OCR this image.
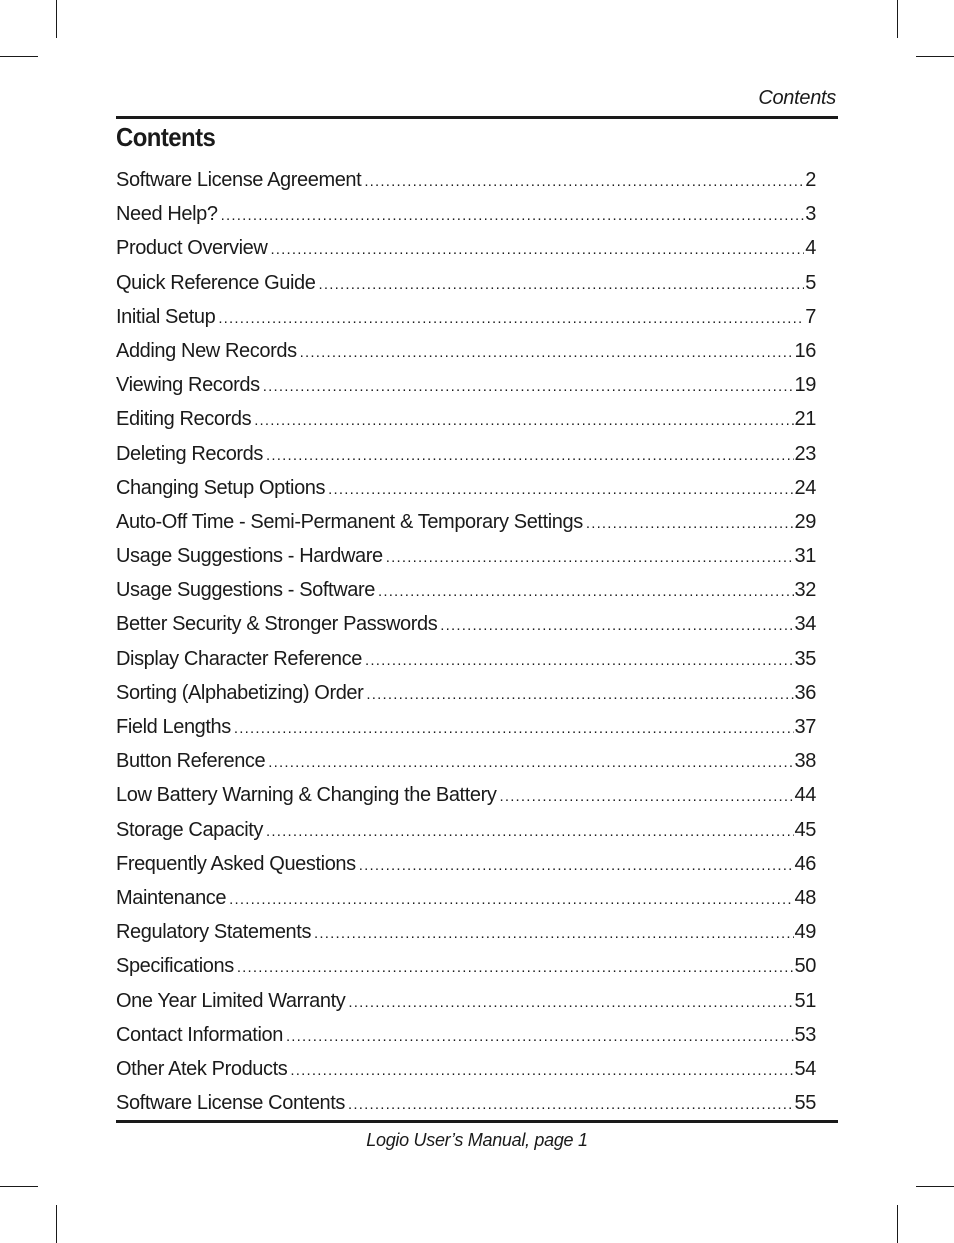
Contents
Contents
Software License Agreement .....	2
Need Help? .....	3
Product Overview .....	4
Quick Reference Guide .....	5
Initial Setup .....	7
Adding New Records .....	16
Viewing Records .....	19
Editing Records .....	21
Deleting Records .....	23
Changing Setup Options .....	24
Auto-Off Time - Semi-Permanent & Temporary Settings .....	29
Usage Suggestions - Hardware .....	31
Usage Suggestions - Software .....	32
Better Security & Stronger Passwords .....	34
Display Character Reference .....	35
Sorting (Alphabetizing) Order .....	36
Field Lengths .....	37
Button Reference .....	38
Low Battery Warning & Changing the Battery .....	44
Storage Capacity .....	45
Frequently Asked Questions .....	46
Maintenance .....	48
Regulatory Statements .....	49
Specifications .....	50
One Year Limited Warranty .....	51
Contact Information .....	53
Other Atek Products .....	54
Software License Contents .....	55
Logio User’s Manual, page 1
